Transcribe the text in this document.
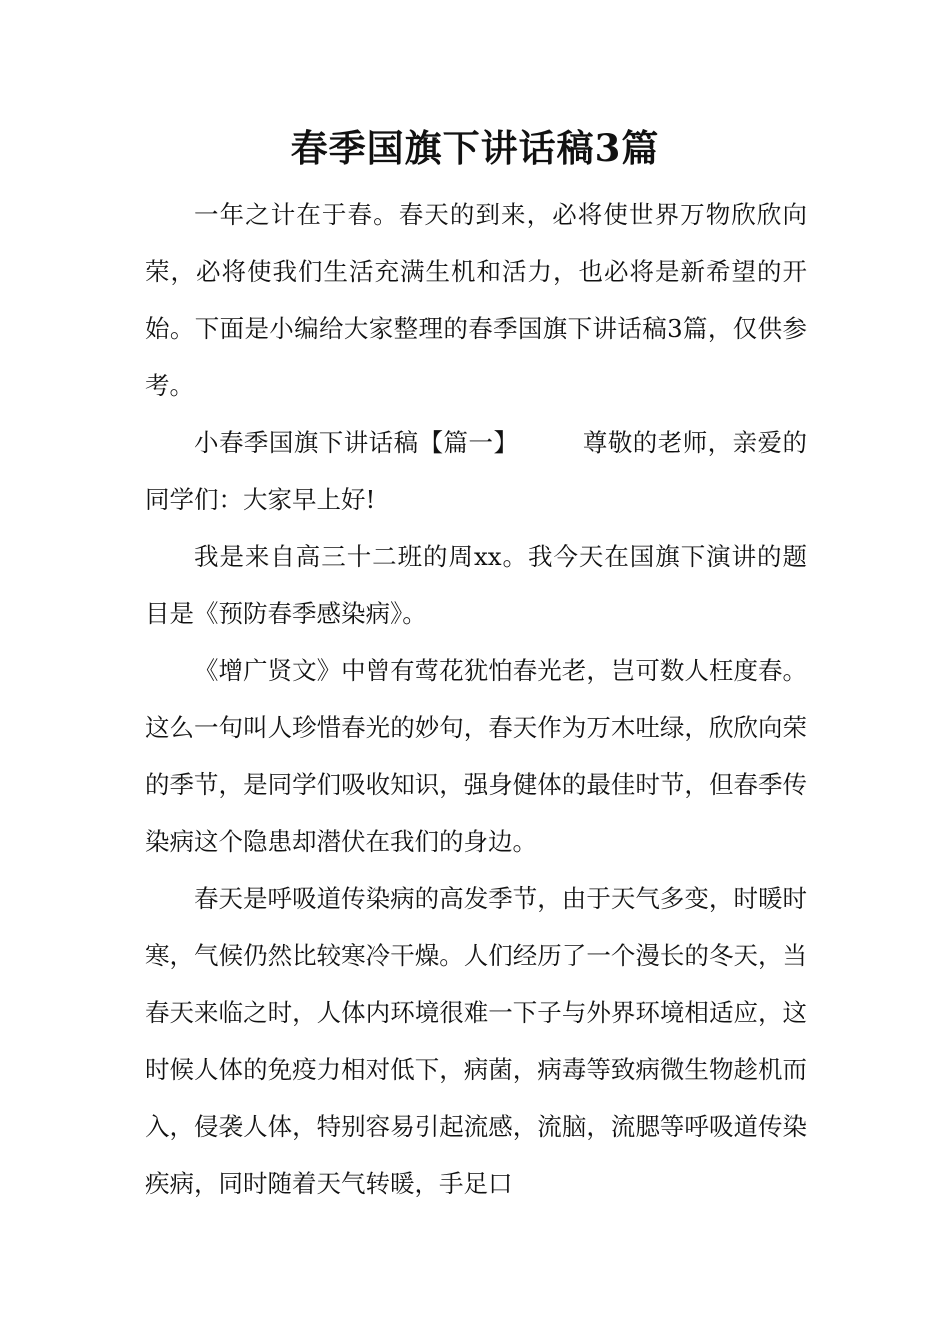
春季国旗下讲话稿3篇

一年之计在于春。春天的到来，必将使世界万物欣欣向荣，必将使我们生活充满生机和活力，也必将是新希望的开始。下面是小编给大家整理的春季国旗下讲话稿3篇，仅供参考。

小春季国旗下讲话稿【篇一】	尊敬的老师，亲爱的同学们：大家早上好!

我是来自高三十二班的周xx。我今天在国旗下演讲的题目是《预防春季感染病》。

《增广贤文》中曾有莺花犹怕春光老，岂可数人枉度春。这么一句叫人珍惜春光的妙句，春天作为万木吐绿，欣欣向荣的季节，是同学们吸收知识，强身健体的最佳时节，但春季传染病这个隐患却潜伏在我们的身边。

春天是呼吸道传染病的高发季节，由于天气多变，时暖时寒，气候仍然比较寒冷干燥。人们经历了一个漫长的冬天，当春天来临之时，人体内环境很难一下子与外界环境相适应，这时候人体的免疫力相对低下，病菌，病毒等致病微生物趁机而入，侵袭人体，特别容易引起流感，流脑，流腮等呼吸道传染疾病，同时随着天气转暖，手足口
